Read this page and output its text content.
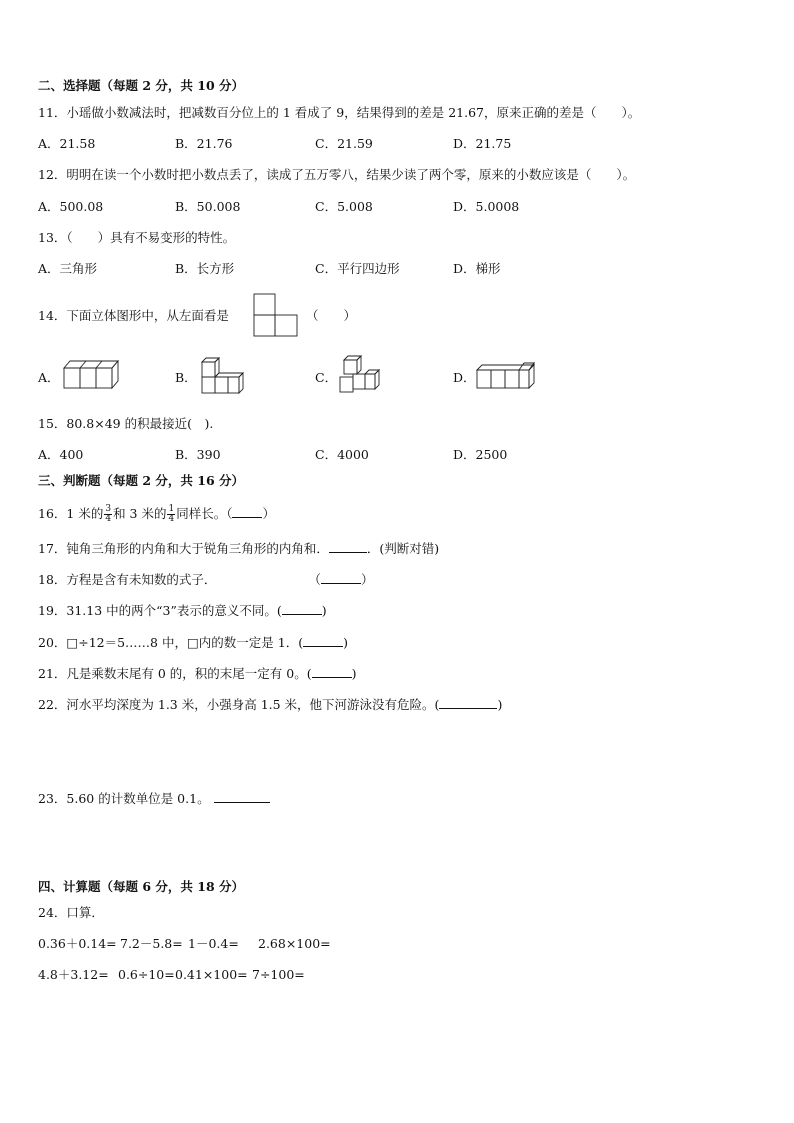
二、选择题（每题 2 分，共 10 分）
11．小瑶做小数减法时，把减数百分位上的 1 看成了 9，结果得到的差是 21.67，原来正确的差是（　　）。
A．21.58	B．21.76	C．21.59	D．21.75
12．明明在读一个小数时把小数点丢了，读成了五万零八，结果少读了两个零，原来的小数应该是（　　）。
A．500.08	B．50.008	C．5.008	D．5.0008
13．（　　）具有不易变形的特性。
A．三角形	B．长方形	C．平行四边形	D．梯形
14．下面立体图形中，从左面看是	（　　）
A．	B．	C．	D．
15．80.8×49 的积最接近(　).
A．400	B．390	C．4000	D．2500
三、判断题（每题 2 分，共 16 分）
16．1 米的 $\frac{3}{4}$ 和 3 米的 $\frac{1}{4}$ 同样长。（ ）
17．钝角三角形的内角和大于锐角三角形的内角和．	．(判断对错)
18．方程是含有未知数的式子．	（	）
19．31.13 中的两个“3”表示的意义不同。(	)
20．□÷12＝5……8 中，□内的数一定是 1．(	)
21．凡是乘数末尾有 0 的，积的末尾一定有 0。(	)
22．河水平均深度为 1.3 米，小强身高 1.5 米，他下河游泳没有危险。(	)
23．5.60 的计数单位是 0.1。
四、计算题（每题 6 分，共 18 分）
24．口算．
0.36＋0.14= 7.2－5.8= 1－0.4= 2.68×100=
4.8＋3.12= 0.6÷10= 0.41×100= 7÷100=
